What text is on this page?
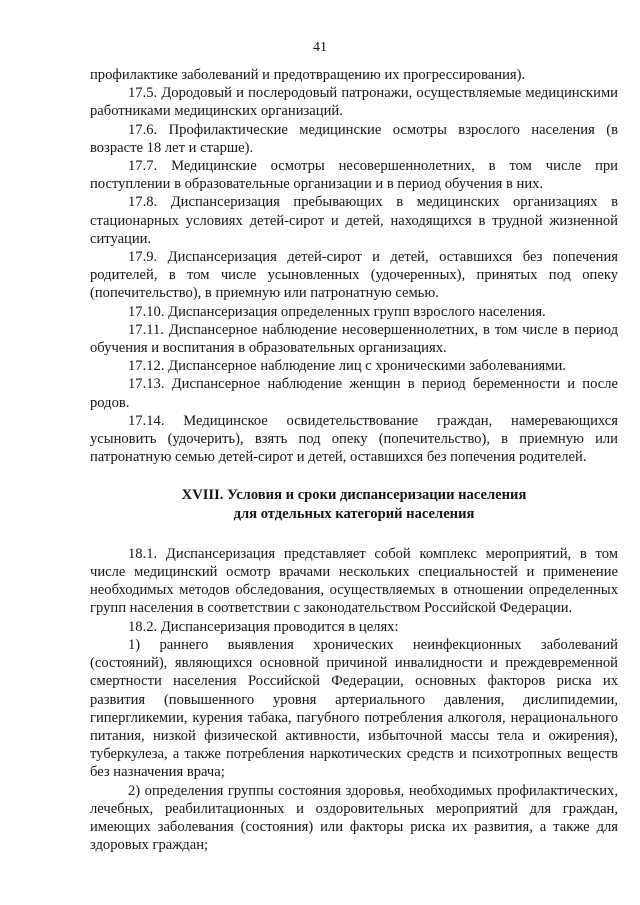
41

профилактике заболеваний и предотвращению их прогрессирования).

17.5. Дородовый и послеродовый патронажи, осуществляемые медицинскими работниками медицинских организаций.

17.6. Профилактические медицинские осмотры взрослого населения (в возрасте 18 лет и старше).

17.7. Медицинские осмотры несовершеннолетних, в том числе при поступлении в образовательные организации и в период обучения в них.

17.8. Диспансеризация пребывающих в медицинских организациях в стационарных условиях детей-сирот и детей, находящихся в трудной жизненной ситуации.

17.9. Диспансеризация детей-сирот и детей, оставшихся без попечения родителей, в том числе усыновленных (удочеренных), принятых под опеку (попечительство), в приемную или патронатную семью.

17.10. Диспансеризация определенных групп взрослого населения.

17.11. Диспансерное наблюдение несовершеннолетних, в том числе в период обучения и воспитания в образовательных организациях.

17.12. Диспансерное наблюдение лиц с хроническими заболеваниями.

17.13. Диспансерное наблюдение женщин в период беременности и после родов.

17.14. Медицинское освидетельствование граждан, намеревающихся усыновить (удочерить), взять под опеку (попечительство), в приемную или патронатную семью детей-сирот и детей, оставшихся без попечения родителей.

XVIII. Условия и сроки диспансеризации населения
для отдельных категорий населения

18.1. Диспансеризация представляет собой комплекс мероприятий, в том числе медицинский осмотр врачами нескольких специальностей и применение необходимых методов обследования, осуществляемых в отношении определенных групп населения в соответствии с законодательством Российской Федерации.

18.2. Диспансеризация проводится в целях:

1) раннего выявления хронических неинфекционных заболеваний (состояний), являющихся основной причиной инвалидности и преждевременной смертности населения Российской Федерации, основных факторов риска их развития (повышенного уровня артериального давления, дислипидемии, гипергликемии, курения табака, пагубного потребления алкоголя, нерационального питания, низкой физической активности, избыточной массы тела и ожирения), туберкулеза, а также потребления наркотических средств и психотропных веществ без назначения врача;

2) определения группы состояния здоровья, необходимых профилактических, лечебных, реабилитационных и оздоровительных мероприятий для граждан, имеющих заболевания (состояния) или факторы риска их развития, а также для здоровых граждан;
